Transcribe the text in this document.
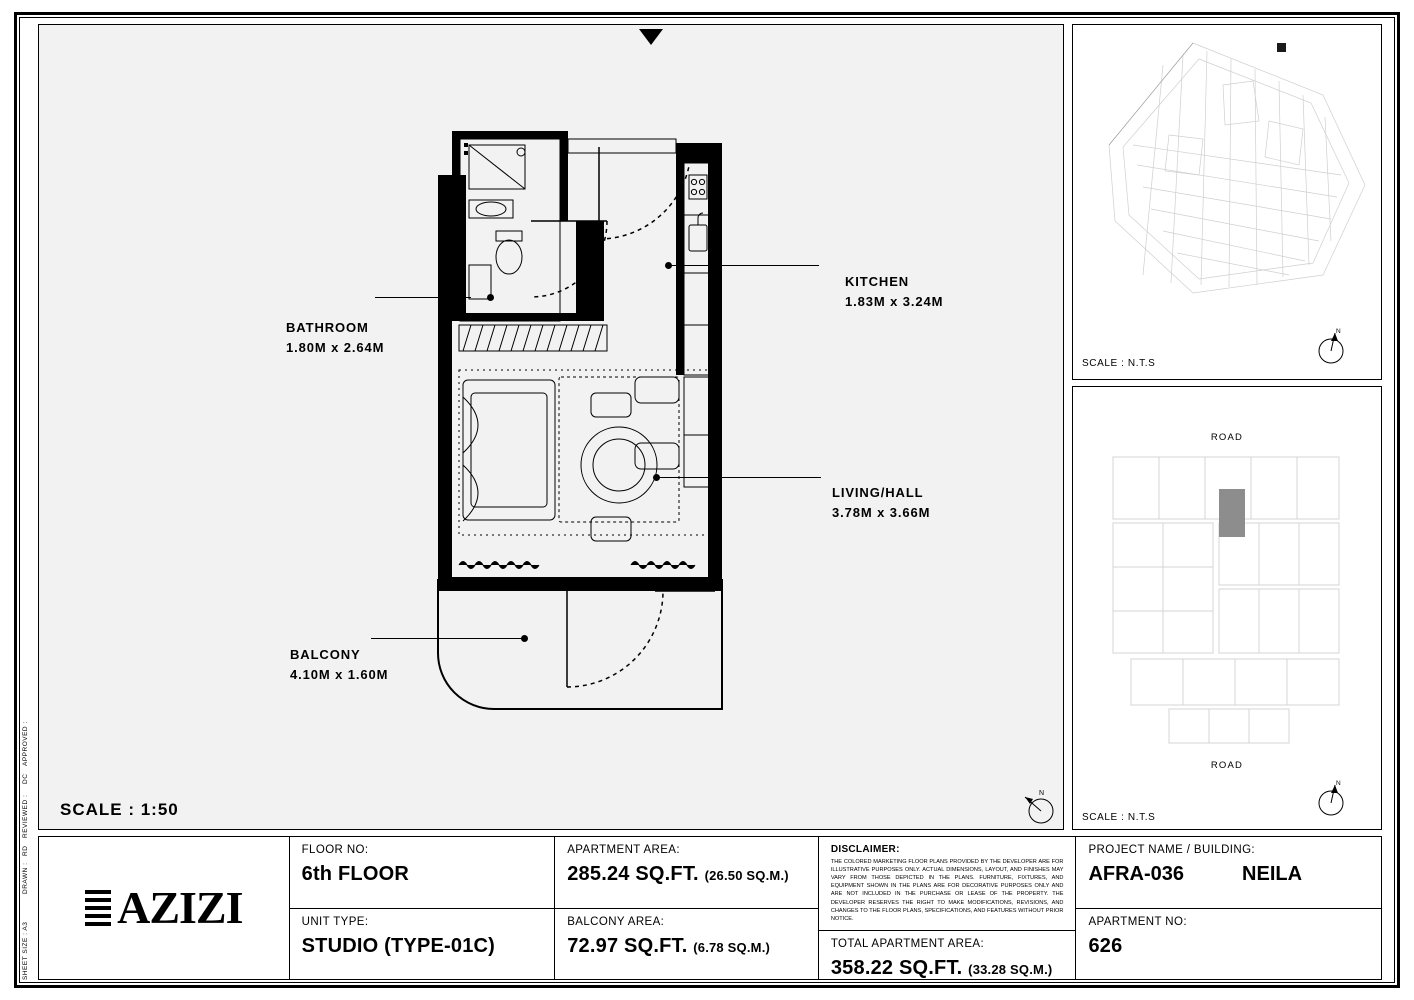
SHEET SIZE : A3
DRAWN :
RD
REVIEWED :
DC
APPROVED :
N
BATHROOM
1.80M x 2.64M
KITCHEN
1.83M x 3.24M
LIVING/HALL
3.78M x 3.66M
BALCONY
4.10M x 1.60M
SCALE : 1:50
N
SCALE : N.T.S
N
ROAD
ROAD
SCALE : N.T.S
AZIZI
FLOOR NO:
6th FLOOR
UNIT TYPE:
STUDIO (TYPE-01C)
APARTMENT AREA:
285.24 SQ.FT. (26.50 SQ.M.)
BALCONY AREA:
72.97 SQ.FT. (6.78 SQ.M.)
DISCLAIMER:
THE COLORED MARKETING FLOOR PLANS PROVIDED BY THE DEVELOPER ARE FOR ILLUSTRATIVE PURPOSES ONLY. ACTUAL DIMENSIONS, LAYOUT, AND FINISHES MAY VARY FROM THOSE DEPICTED IN THE PLANS. FURNITURE, FIXTURES, AND EQUIPMENT SHOWN IN THE PLANS ARE FOR DECORATIVE PURPOSES ONLY AND ARE NOT INCLUDED IN THE PURCHASE OR LEASE OF THE PROPERTY. THE DEVELOPER RESERVES THE RIGHT TO MAKE MODIFICATIONS, REVISIONS, AND CHANGES TO THE FLOOR PLANS, SPECIFICATIONS, AND FEATURES WITHOUT PRIOR NOTICE.
TOTAL APARTMENT AREA:
358.22 SQ.FT. (33.28 SQ.M.)
PROJECT NAME / BUILDING:
AFRA-036	NEILA
APARTMENT NO:
626
